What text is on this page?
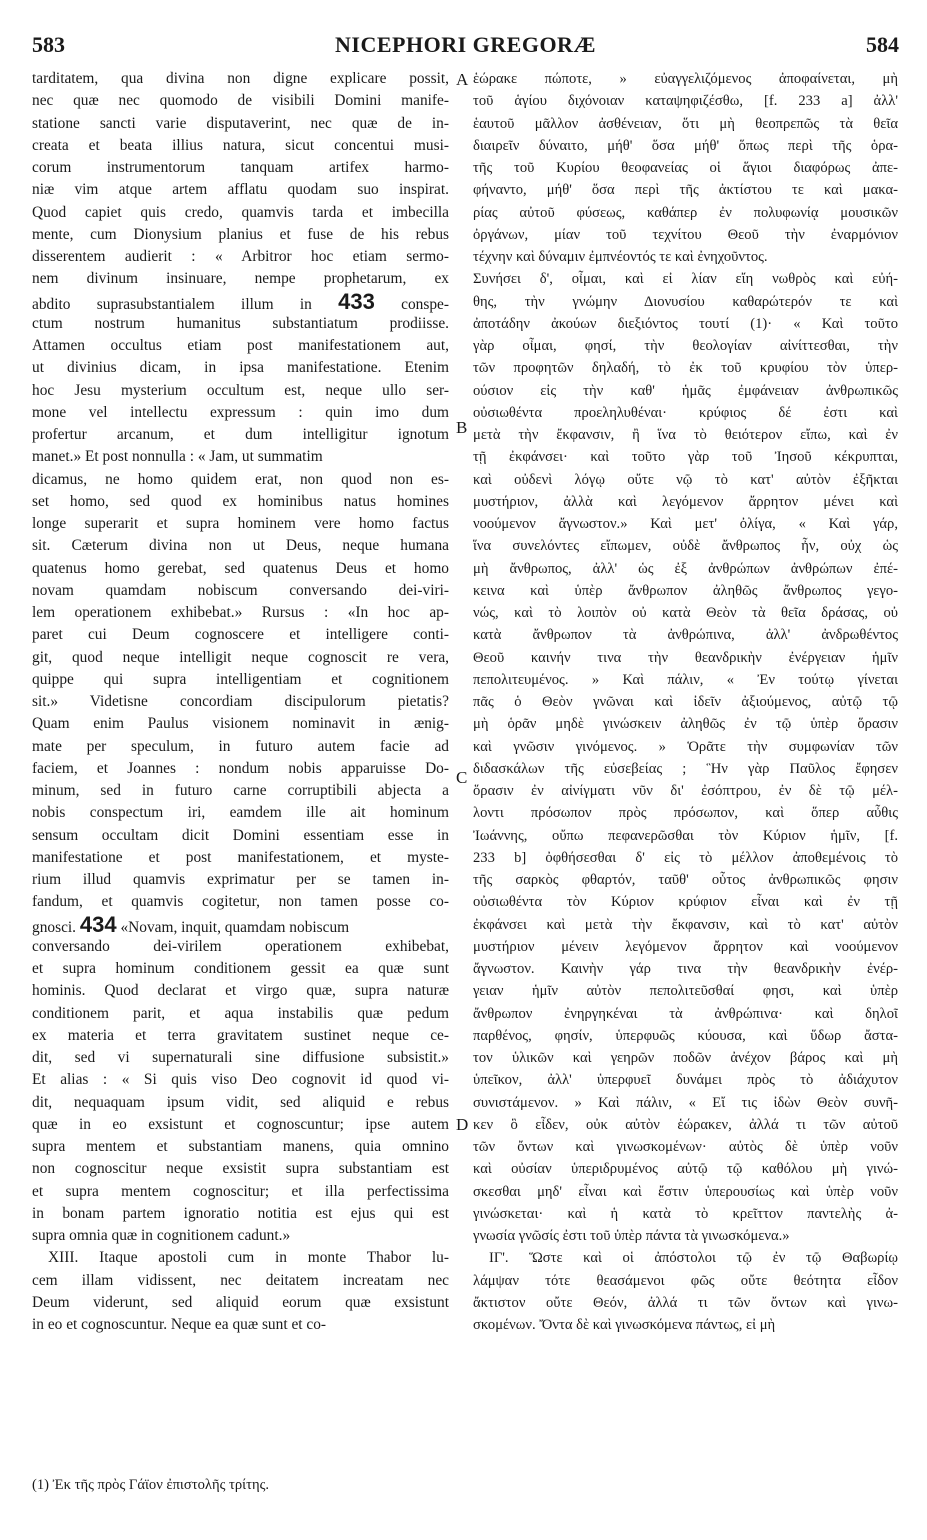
583	NICEPHORI GREGORÆ	584
A
B
C
D
tarditatem, qua divina non digne explicare possit,
nec quæ nec quomodo de visibili Domini manife-
statione sancti varie disputaverint, nec quæ de in-
creata et beata illius natura, sicut concentui musi-
corum instrumentorum tanquam artifex harmo-
niæ vim atque artem afflatu quodam suo inspirat.
Quod capiet quis credo, quamvis tarda et imbecilla
mente, cum Dionysium planius et fuse de his rebus
disserentem audierit : « Arbitror hoc etiam sermo-
nem divinum insinuare, nempe prophetarum, ex
abdito suprasubstantialem illum in 433 conspe-
ctum nostrum humanitus substantiatum prodiisse.
Attamen occultus etiam post manifestationem aut,
ut divinius dicam, in ipsa manifestatione. Etenim
hoc Jesu mysterium occultum est, neque ullo ser-
mone vel intellectu expressum : quin imo dum
profertur arcanum, et dum intelligitur ignotum
manet.» Et post nonnulla : « Jam, ut summatim
dicamus, ne homo quidem erat, non quod non es-
set homo, sed quod ex hominibus natus homines
longe superarit et supra hominem vere homo factus
sit. Cæterum divina non ut Deus, neque humana
quatenus homo gerebat, sed quatenus Deus et homo
novam quamdam nobiscum conversando dei-viri-
lem operationem exhibebat.» Rursus : «In hoc ap-
paret cui Deum cognoscere et intelligere conti-
git, quod neque intelligit neque cognoscit re vera,
quippe qui supra intelligentiam et cognitionem
sit.» Videtisne concordiam discipulorum pietatis?
Quam enim Paulus visionem nominavit in ænig-
mate per speculum, in futuro autem facie ad
faciem, et Joannes : nondum nobis apparuisse Do-
minum, sed in futuro carne corruptibili abjecta a
nobis conspectum iri, eamdem ille ait hominum
sensum occultam dicit Domini essentiam esse in
manifestatione et post manifestationem, et myste-
rium illud quamvis exprimatur per se tamen in-
fandum, et quamvis cogitetur, non tamen posse co-
gnosci. 434 «Novam, inquit, quamdam nobiscum
conversando dei-virilem operationem exhibebat,
et supra hominum conditionem gessit ea quæ sunt
hominis. Quod declarat et virgo quæ, supra naturæ
conditionem parit, et aqua instabilis quæ pedum
ex materia et terra gravitatem sustinet neque ce-
dit, sed vi supernaturali sine diffusione subsistit.»
Et alias : « Si quis viso Deo cognovit id quod vi-
dit, nequaquam ipsum vidit, sed aliquid e rebus
quæ in eo exsistunt et cognoscuntur; ipse autem
supra mentem et substantiam manens, quia omnino
non cognoscitur neque exsistit supra substantiam est
et supra mentem cognoscitur; et illa perfectissima
in bonam partem ignoratio notitia est ejus qui est
supra omnia quæ in cognitionem cadunt.»
XIII. Itaque apostoli cum in monte Thabor lu-
cem illam vidissent, nec deitatem increatam nec
Deum viderunt, sed aliquid eorum quæ exsistunt
in eo et cognoscuntur. Neque ea quæ sunt et co-
ἑώρακε πώποτε, » εὐαγγελιζόμενος ἀποφαίνεται, μὴ
τοῦ ἁγίου διχόνοιαν καταψηφιζέσθω, [f. 233 a] ἀλλ'
ἑαυτοῦ μᾶλλον ἀσθένειαν, ὅτι μὴ θεοπρεπῶς τὰ θεῖα
διαιρεῖν δύναιτο, μήθ' ὅσα μήθ' ὅπως περὶ τῆς ὁρα-
τῆς τοῦ Κυρίου θεοφανείας οἱ ἅγιοι διαφόρως ἀπε-
φήναντο, μήθ' ὅσα περὶ τῆς ἀκτίστου τε καὶ μακα-
ρίας αὐτοῦ φύσεως, καθάπερ ἐν πολυφωνίᾳ μουσικῶν
ὀργάνων, μίαν τοῦ τεχνίτου Θεοῦ τὴν ἐναρμόνιον
τέχνην καὶ δύναμιν ἐμπνέοντός τε καὶ ἐνηχοῦντος.
Συνήσει δ', οἶμαι, καὶ εἰ λίαν εἴη νωθρὸς καὶ εὐή-
θης, τὴν γνώμην Διονυσίου καθαρώτερόν τε καὶ
ἀποτάδην ἀκούων διεξιόντος τουτί (1)· « Καὶ τοῦτο
γὰρ οἶμαι, φησί, τὴν θεολογίαν αἰνίττεσθαι, τὴν
τῶν προφητῶν δηλαδή, τὸ ἐκ τοῦ κρυφίου τὸν ὑπερ-
ούσιον εἰς τὴν καθ' ἡμᾶς ἐμφάνειαν ἀνθρωπικῶς
οὐσιωθέντα προεληλυθέναι· κρύφιος δέ ἐστι καὶ
μετὰ τὴν ἔκφανσιν, ἢ ἵνα τὸ θειότερον εἴπω, καὶ ἐν
τῇ ἐκφάνσει· καὶ τοῦτο γὰρ τοῦ Ἰησοῦ κέκρυπται,
καὶ οὐδενὶ λόγῳ οὔτε νῷ τὸ κατ' αὐτὸν ἐξῆκται
μυστήριον, ἀλλὰ καὶ λεγόμενον ἄρρητον μένει καὶ
νοούμενον ἄγνωστον.» Καὶ μετ' ὀλίγα, « Καὶ γάρ,
ἵνα συνελόντες εἴπωμεν, οὐδὲ ἄνθρωπος ἦν, οὐχ ὡς
μὴ ἄνθρωπος, ἀλλ' ὡς ἐξ ἀνθρώπων ἀνθρώπων ἐπέ-
κεινα καὶ ὑπὲρ ἄνθρωπον ἀληθῶς ἄνθρωπος γεγο-
νώς, καὶ τὸ λοιπὸν οὐ κατὰ Θεὸν τὰ θεῖα δράσας, οὐ
κατὰ ἄνθρωπον τὰ ἀνθρώπινα, ἀλλ' ἀνδρωθέντος
Θεοῦ καινήν τινα τὴν θεανδρικὴν ἐνέργειαν ἡμῖν
πεπολιτευμένος. » Καὶ πάλιν, « Ἐν τούτῳ γίνεται
πᾶς ὁ Θεὸν γνῶναι καὶ ἰδεῖν ἀξιούμενος, αὐτῷ τῷ
μὴ ὁρᾶν μηδὲ γινώσκειν ἀληθῶς ἐν τῷ ὑπὲρ ὅρασιν
καὶ γνῶσιν γινόμενος. » Ὁρᾶτε τὴν συμφωνίαν τῶν
διδασκάλων τῆς εὐσεβείας ; Ἣν γὰρ Παῦλος ἔφησεν
ὅρασιν ἐν αἰνίγματι νῦν δι' ἐσόπτρου, ἐν δὲ τῷ μέλ-
λοντι πρόσωπον πρὸς πρόσωπον, καὶ ὅπερ αὖθις
Ἰωάννης, οὔπω πεφανερῶσθαι τὸν Κύριον ἡμῖν, [f.
233 b] ὀφθήσεσθαι δ' εἰς τὸ μέλλον ἀποθεμένοις τὸ
τῆς σαρκὸς φθαρτόν, ταῦθ' οὗτος ἀνθρωπικῶς φησιν
οὐσιωθέντα τὸν Κύριον κρύφιον εἶναι καὶ ἐν τῇ
ἐκφάνσει καὶ μετὰ τὴν ἔκφανσιν, καὶ τὸ κατ' αὐτὸν
μυστήριον μένειν λεγόμενον ἄρρητον καὶ νοούμενον
ἄγνωστον. Καινὴν γάρ τινα τὴν θεανδρικὴν ἐνέρ-
γειαν ἡμῖν αὐτὸν πεπολιτεῦσθαί φησι, καὶ ὑπὲρ
ἄνθρωπον ἐνηργηκέναι τὰ ἀνθρώπινα· καὶ δηλοῖ
παρθένος, φησίν, ὑπερφυῶς κύουσα, καὶ ὕδωρ ἄστα-
τον ὑλικῶν καὶ γεηρῶν ποδῶν ἀνέχον βάρος καὶ μὴ
ὑπεῖκον, ἀλλ' ὑπερφυεῖ δυνάμει πρὸς τὸ ἀδιάχυτον
συνιστάμενον. » Καὶ πάλιν, « Εἴ τις ἰδὼν Θεὸν συνῆ-
κεν ὃ εἶδεν, οὐκ αὐτὸν ἑώρακεν, ἀλλά τι τῶν αὐτοῦ
τῶν ὄντων καὶ γινωσκομένων· αὐτὸς δὲ ὑπὲρ νοῦν
καὶ οὐσίαν ὑπεριδρυμένος αὐτῷ τῷ καθόλου μὴ γινώ-
σκεσθαι μηδ' εἶναι καὶ ἔστιν ὑπερουσίως καὶ ὑπὲρ νοῦν
γινώσκεται· καὶ ἡ κατὰ τὸ κρεῖττον παντελὴς ἀ-
γνωσία γνῶσίς ἐστι τοῦ ὑπὲρ πάντα τὰ γινωσκόμενα.»
ΙΓ'. Ὥστε καὶ οἱ ἀπόστολοι τῷ ἐν τῷ Θαβωρίῳ
λάμψαν τότε θεασάμενοι φῶς οὔτε θεότητα εἶδον
ἄκτιστον οὔτε Θεόν, ἀλλά τι τῶν ὄντων καὶ γινω-
σκομένων. Ὄντα δὲ καὶ γινωσκόμενα πάντως, εἰ μὴ
(1) Ἐκ τῆς πρὸς Γάϊον ἐπιστολῆς τρίτης.
